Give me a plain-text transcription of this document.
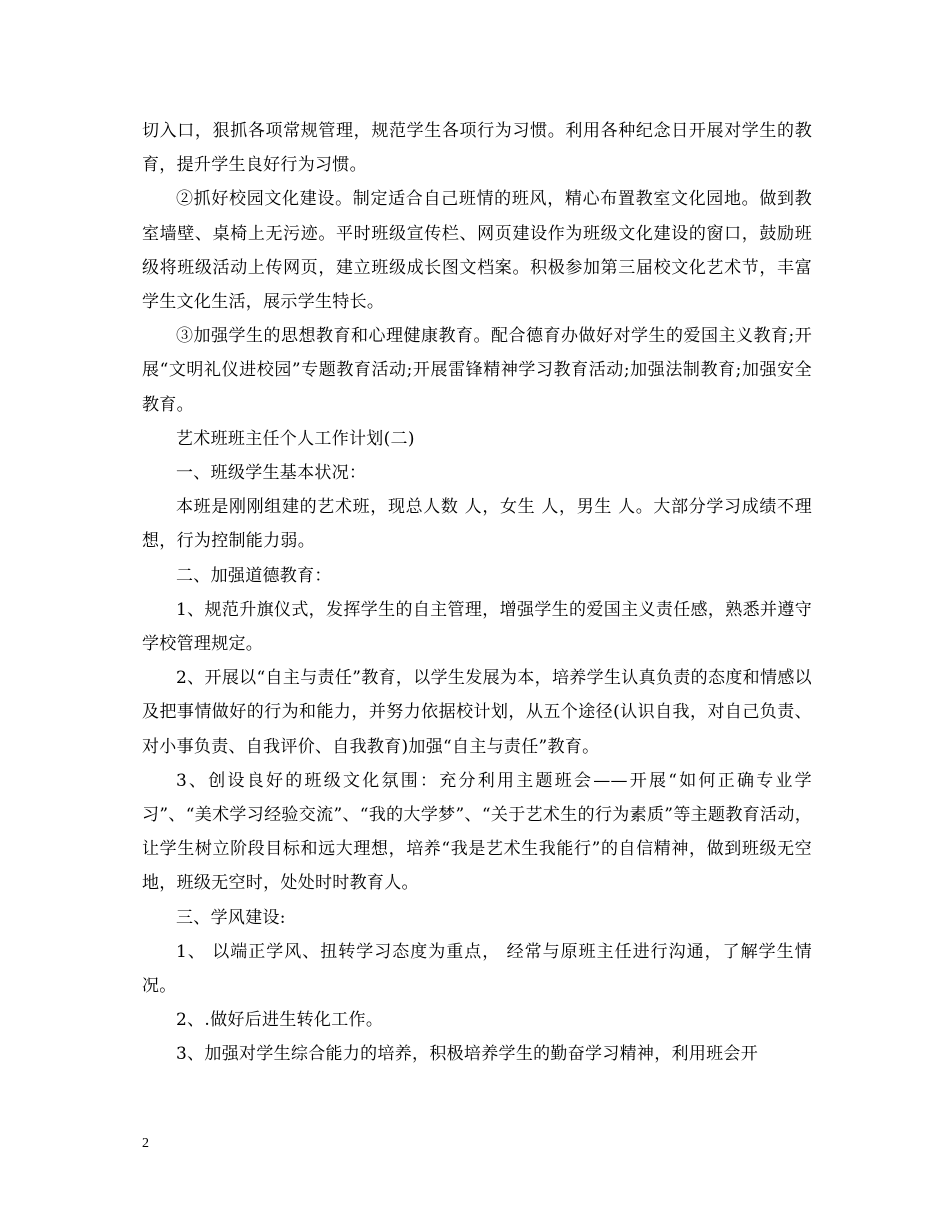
切入口，狠抓各项常规管理，规范学生各项行为习惯。利用各种纪念日开展对学生的教育，提升学生良好行为习惯。

②抓好校园文化建设。制定适合自己班情的班风，精心布置教室文化园地。做到教室墙壁、桌椅上无污迹。平时班级宣传栏、网页建设作为班级文化建设的窗口，鼓励班级将班级活动上传网页，建立班级成长图文档案。积极参加第三届校文化艺术节，丰富学生文化生活，展示学生特长。

③加强学生的思想教育和心理健康教育。配合德育办做好对学生的爱国主义教育;开展“文明礼仪进校园”专题教育活动;开展雷锋精神学习教育活动;加强法制教育;加强安全教育。

艺术班班主任个人工作计划(二)

一、班级学生基本状况：

本班是刚刚组建的艺术班，现总人数 人，女生 人，男生 人。大部分学习成绩不理想，行为控制能力弱。

二、加强道德教育：

1、规范升旗仪式，发挥学生的自主管理，增强学生的爱国主义责任感，熟悉并遵守学校管理规定。

2、开展以“自主与责任”教育，以学生发展为本，培养学生认真负责的态度和情感以及把事情做好的行为和能力，并努力依据校计划，从五个途径(认识自我，对自己负责、对小事负责、自我评价、自我教育)加强“自主与责任”教育。

3、创设良好的班级文化氛围：充分利用主题班会——开展“如何正确专业学习”、“美术学习经验交流”、“我的大学梦”、“关于艺术生的行为素质”等主题教育活动，让学生树立阶段目标和远大理想，培养“我是艺术生我能行”的自信精神，做到班级无空地，班级无空时，处处时时教育人。

三、学风建设:

1、 以端正学风、扭转学习态度为重点， 经常与原班主任进行沟通，了解学生情况。

2、.做好后进生转化工作。

3、加强对学生综合能力的培养，积极培养学生的勤奋学习精神，利用班会开

2
